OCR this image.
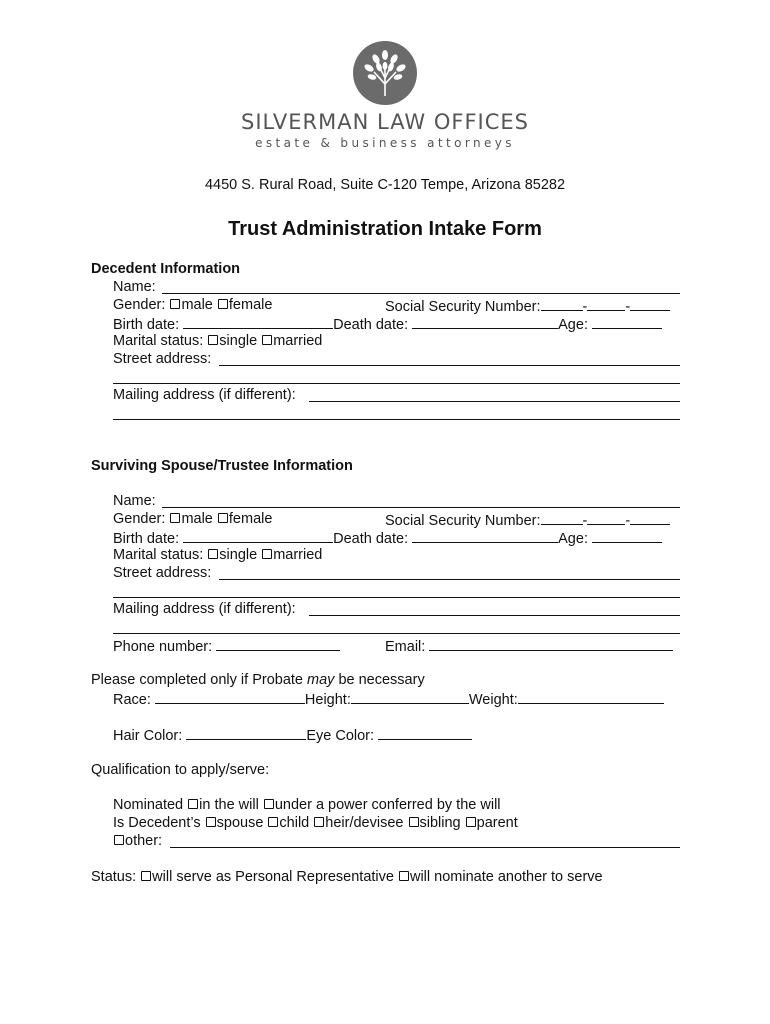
SILVERMAN LAW OFFICES
estate & business attorneys
4450 S. Rural Road, Suite C-120 Tempe, Arizona 85282
Trust Administration Intake Form
Decedent Information
Name:
Gender: male female	Social Security Number:	-	-
Birth date:	Death date:	Age:
Marital status: single married
Street address:
Mailing address (if different):
Surviving Spouse/Trustee Information
Name:
Gender: male female	Social Security Number:	-	-
Birth date:	Death date:	Age:
Marital status: single married
Street address:
Mailing address (if different):
Phone number:	Email:
Please completed only if Probate may be necessary
Race:	Height:	Weight:
Hair Color:	Eye Color:
Qualification to apply/serve:
Nominated in the will under a power conferred by the will
Is Decedent’s spouse child heir/devisee sibling parent
other:
Status: will serve as Personal Representative will nominate another to serve
